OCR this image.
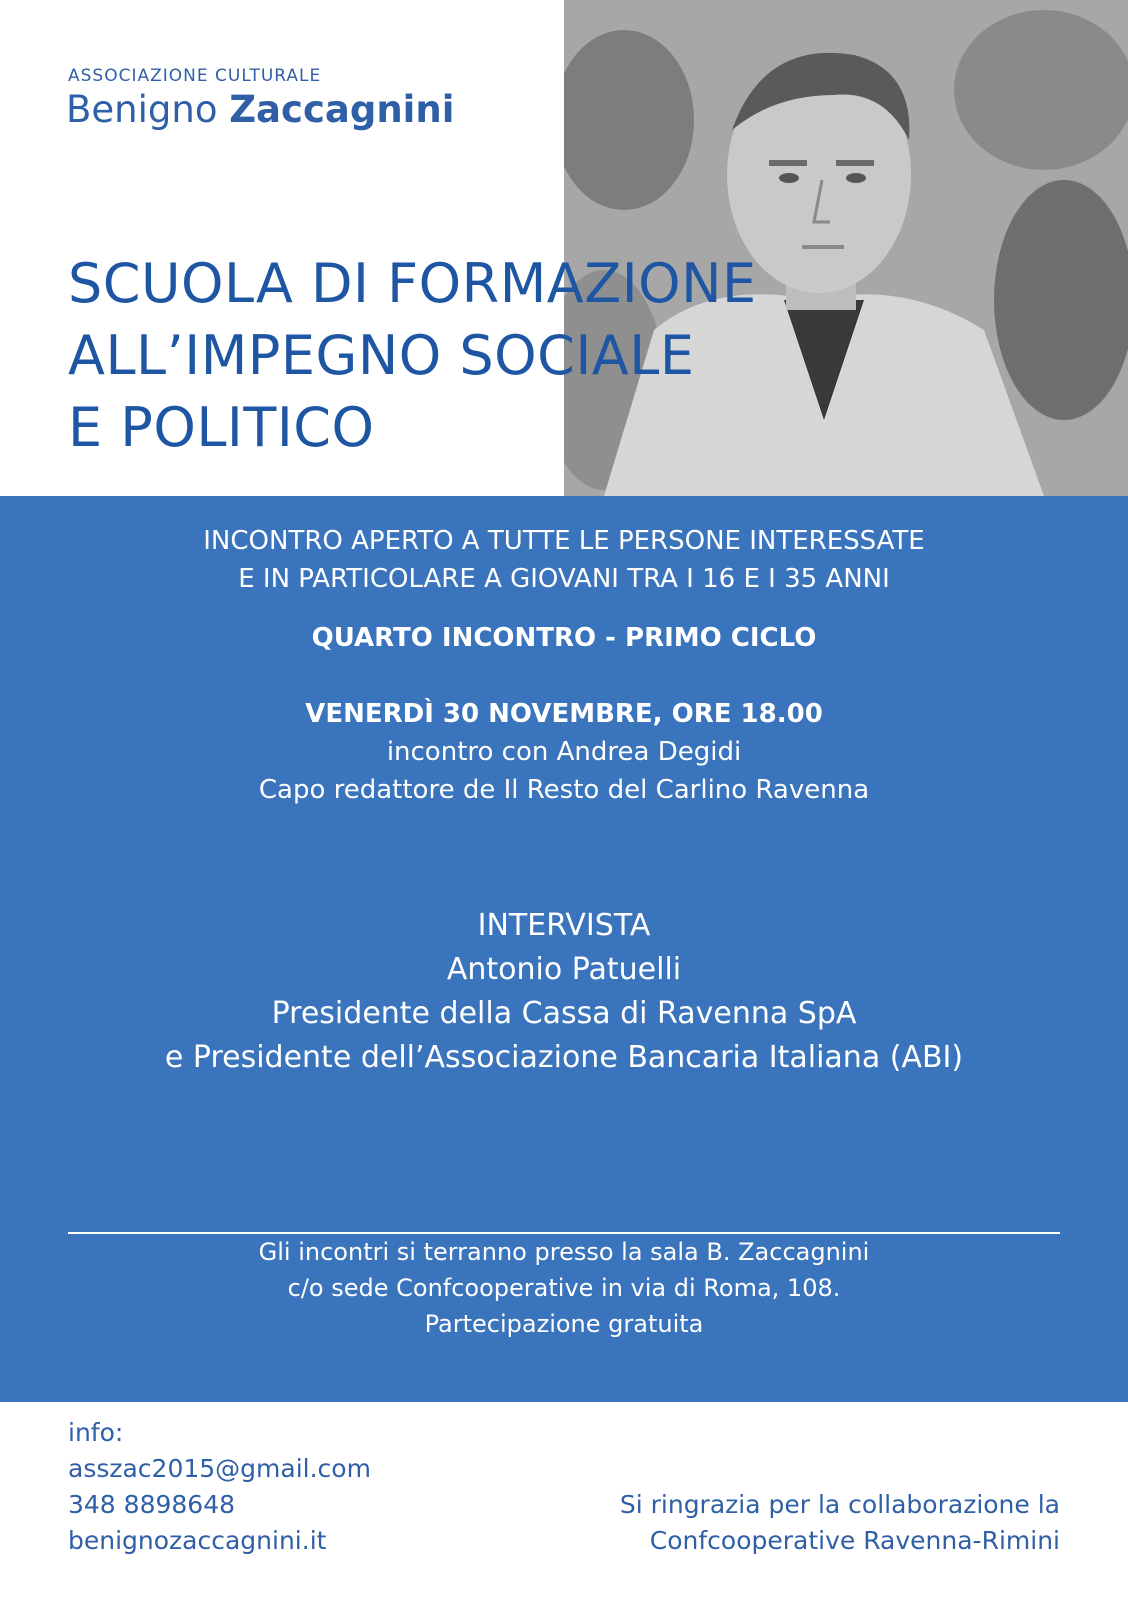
ASSOCIAZIONE CULTURALE
Benigno Zaccagnini
SCUOLA DI FORMAZIONE
ALL’IMPEGNO SOCIALE
E POLITICO
INCONTRO APERTO A TUTTE LE PERSONE INTERESSATE
E IN PARTICOLARE A GIOVANI TRA I 16 E I 35 ANNI
QUARTO INCONTRO - PRIMO CICLO
VENERDÌ 30 NOVEMBRE, ORE 18.00
incontro con Andrea Degidi
Capo redattore de Il Resto del Carlino Ravenna
INTERVISTA
Antonio Patuelli
Presidente della Cassa di Ravenna SpA
e Presidente dell’Associazione Bancaria Italiana (ABI)
Gli incontri si terranno presso la sala B. Zaccagnini
c/o sede Confcooperative in via di Roma, 108.
Partecipazione gratuita
info:
asszac2015@gmail.com
348 8898648
benignozaccagnini.it
Si ringrazia per la collaborazione la
Confcooperative Ravenna-Rimini
